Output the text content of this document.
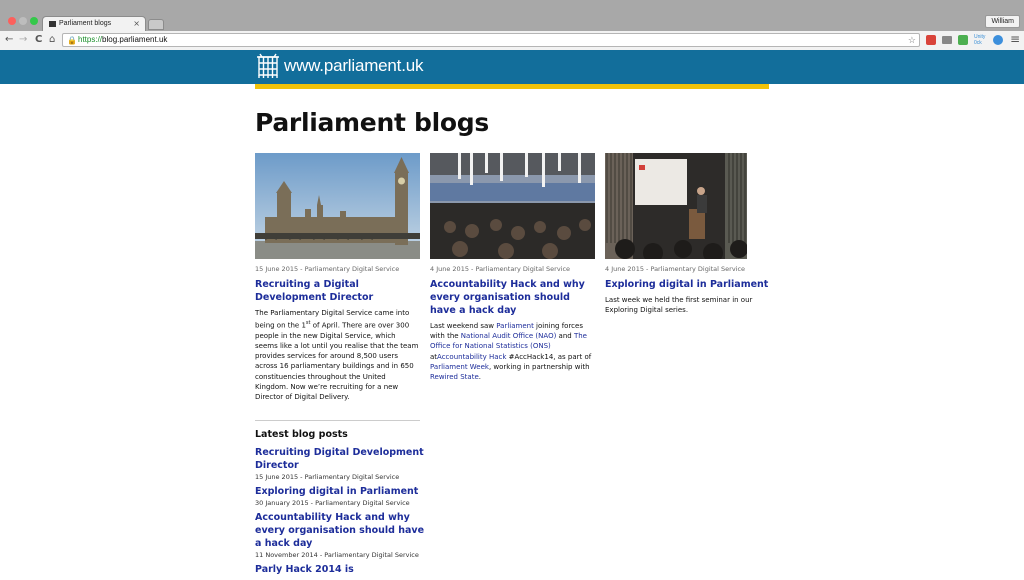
Parliament blogs	×	William
← → C ⌂ 🔒 https://blog.parliament.uk	☆	Unity 0ck	≡
www.parliament.uk
Parliament blogs
15 June 2015 - Parliamentary Digital Service
Recruiting a Digital Development Director

The Parliamentary Digital Service came into being on the 1st of April. There are over 300 people in the new Digital Service, which seems like a lot until you realise that the team provides services for around 8,500 users across 16 parliamentary buildings and in 650 constituencies throughout the United Kingdom. Now we’re recruiting for a new Director of Digital Delivery.

4 June 2015 - Parliamentary Digital Service
Accountability Hack and why every organisation should have a hack day

Last weekend saw Parliament joining forces with the National Audit Office (NAO) and The Office for National Statistics (ONS) atAccountability Hack #AccHack14, as part of Parliament Week, working in partnership with Rewired State.

4 June 2015 - Parliamentary Digital Service
Exploring digital in Parliament

Last week we held the first seminar in our Exploring Digital series.

Latest blog posts
Recruiting Digital Development Director
15 June 2015 - Parliamentary Digital Service
Exploring digital in Parliament
30 January 2015 - Parliamentary Digital Service
Accountability Hack and why every organisation should have a hack day
11 November 2014 - Parliamentary Digital Service
Parly Hack 2014 is
